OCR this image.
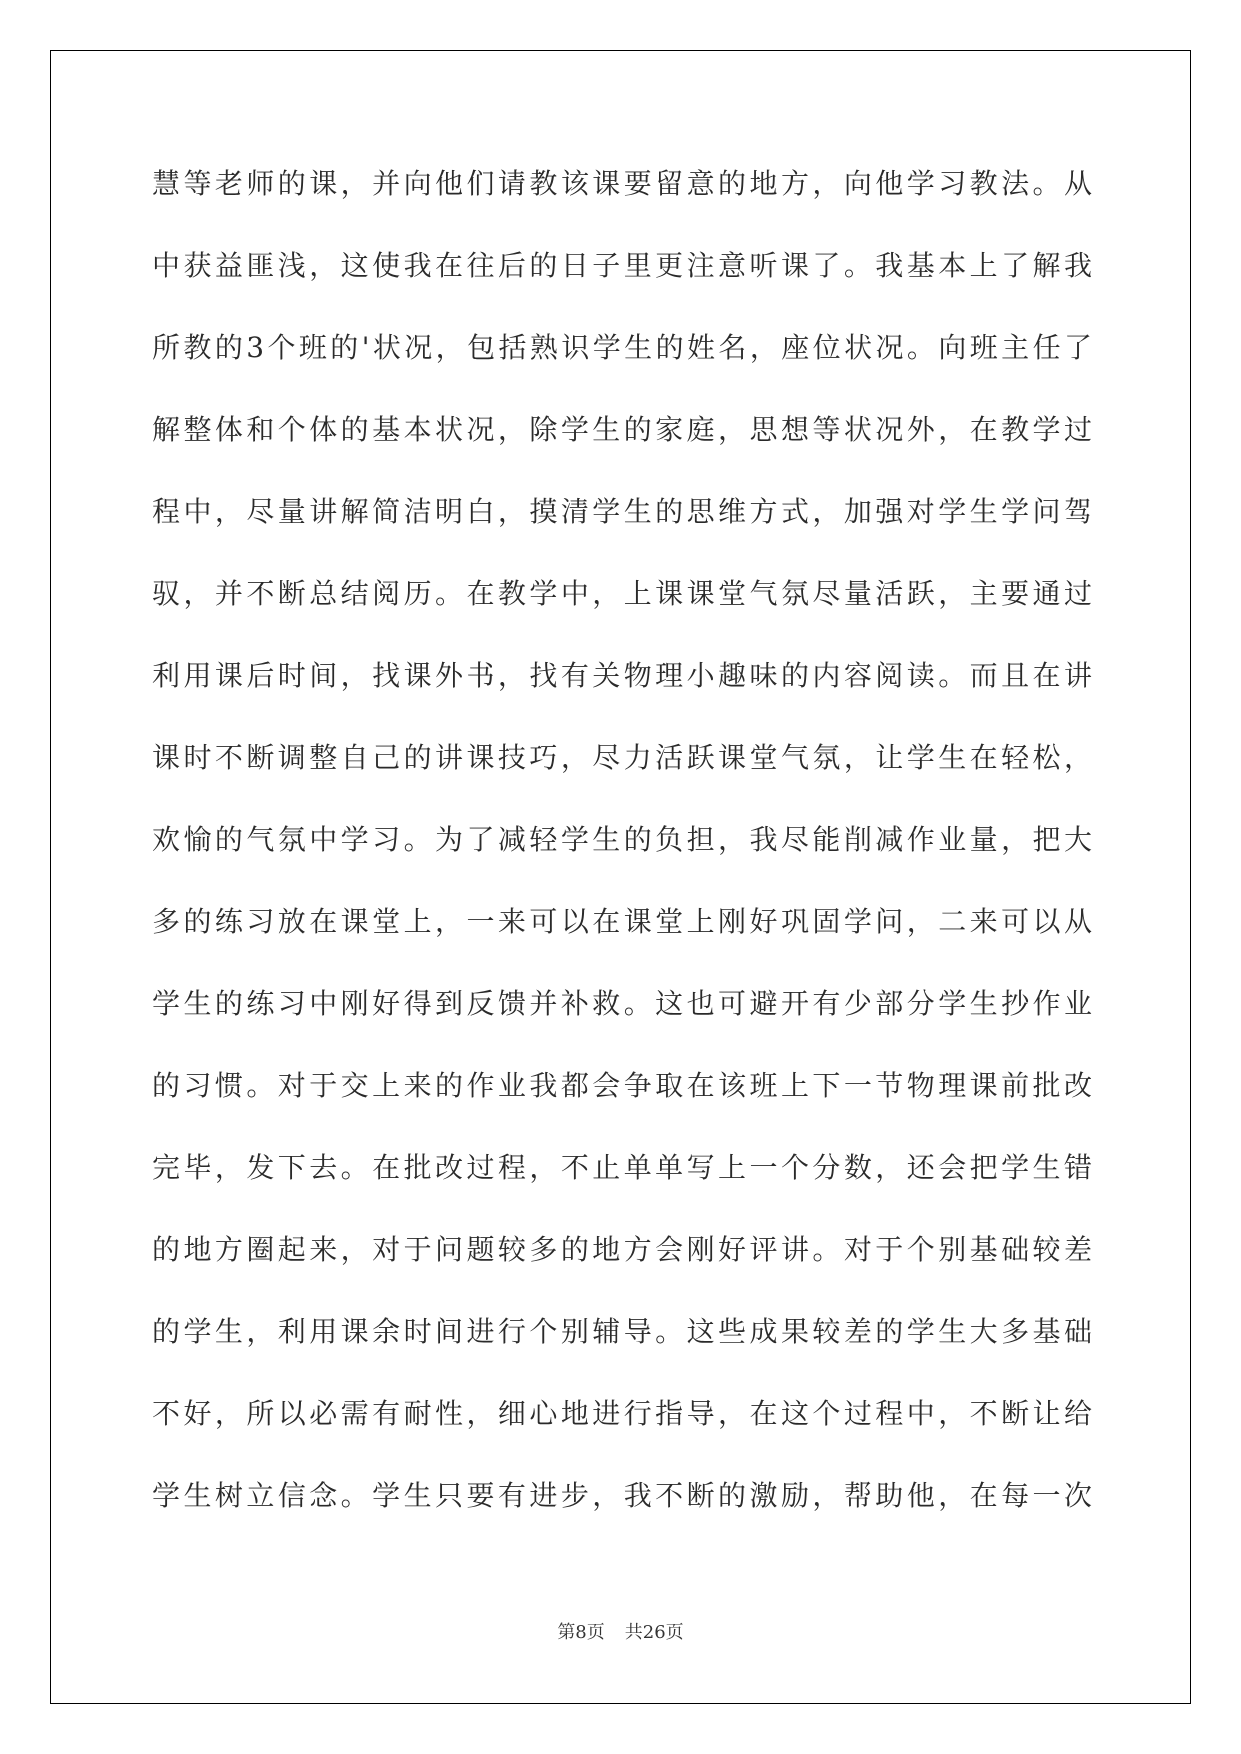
慧等老师的课，并向他们请教该课要留意的地方，向他学习教法。从
中获益匪浅，这使我在往后的日子里更注意听课了。我基本上了解我
所教的3个班的'状况，包括熟识学生的姓名，座位状况。向班主任了
解整体和个体的基本状况，除学生的家庭，思想等状况外，在教学过
程中，尽量讲解简洁明白，摸清学生的思维方式，加强对学生学问驾
驭，并不断总结阅历。在教学中，上课课堂气氛尽量活跃，主要通过
利用课后时间，找课外书，找有关物理小趣味的内容阅读。而且在讲
课时不断调整自己的讲课技巧，尽力活跃课堂气氛，让学生在轻松，
欢愉的气氛中学习。为了减轻学生的负担，我尽能削减作业量，把大
多的练习放在课堂上，一来可以在课堂上刚好巩固学问，二来可以从
学生的练习中刚好得到反馈并补救。这也可避开有少部分学生抄作业
的习惯。对于交上来的作业我都会争取在该班上下一节物理课前批改
完毕，发下去。在批改过程，不止单单写上一个分数，还会把学生错
的地方圈起来，对于问题较多的地方会刚好评讲。对于个别基础较差
的学生，利用课余时间进行个别辅导。这些成果较差的学生大多基础
不好，所以必需有耐性，细心地进行指导，在这个过程中，不断让给
学生树立信念。学生只要有进步，我不断的激励，帮助他，在每一次
第8页 共26页
